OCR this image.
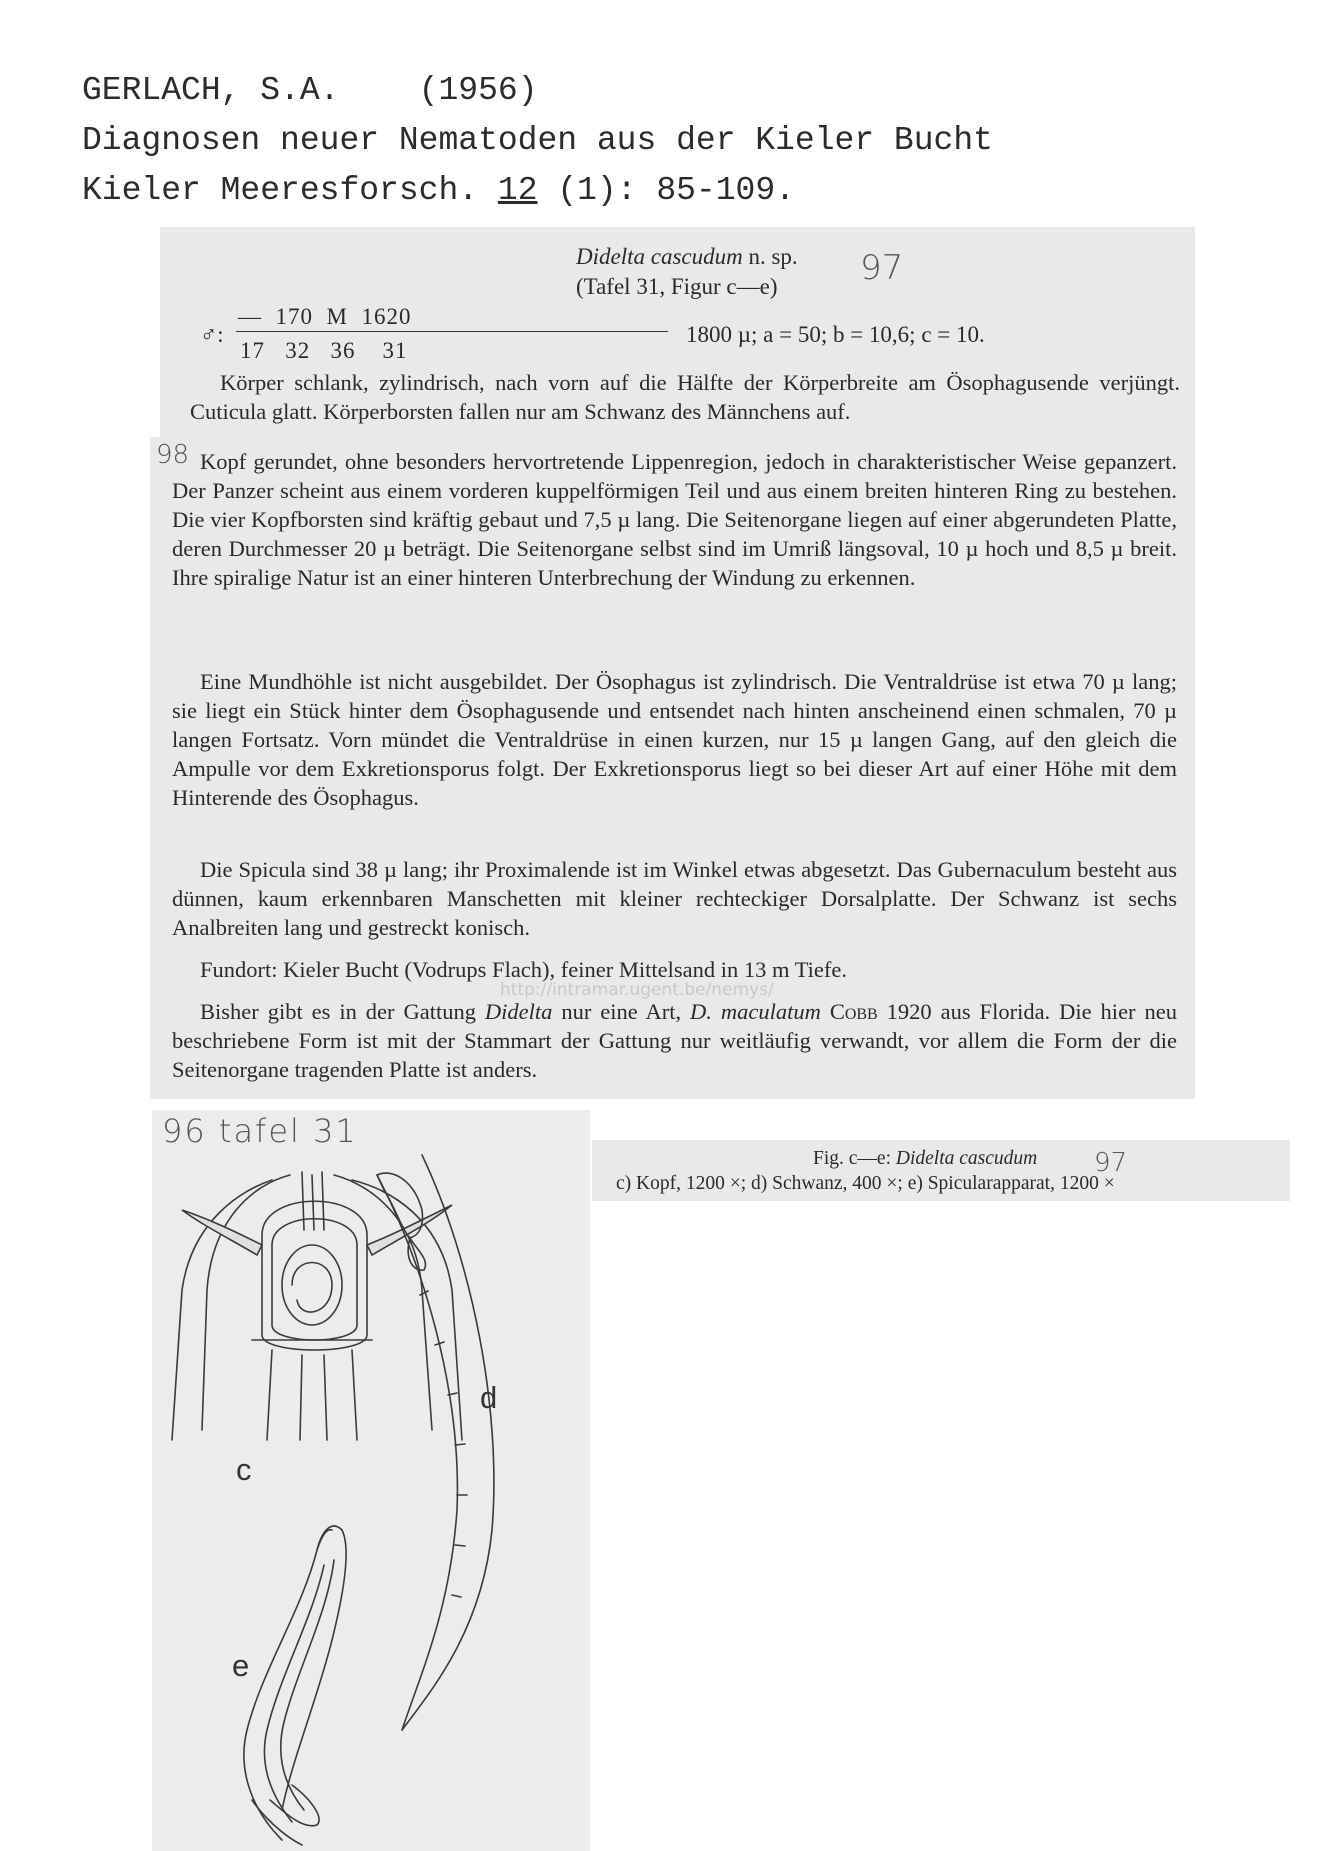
GERLACH, S.A. (1956)
Diagnosen neuer Nematoden aus der Kieler Bucht
Kieler Meeresforsch. 12 (1): 85-109.
Didelta cascudum n. sp.
(Tafel 31, Figur c—e)	97
♂:
—  170  M  1620
17   32   36    31
1800 µ; a = 50; b = 10,6; c = 10.
Körper schlank, zylindrisch, nach vorn auf die Hälfte der Körperbreite am Ösophagusende verjüngt. Cuticula glatt. Körperborsten fallen nur am Schwanz des Männchens auf.
98 Kopf gerundet, ohne besonders hervortretende Lippenregion, jedoch in charakteristischer Weise gepanzert. Der Panzer scheint aus einem vorderen kuppelförmigen Teil und aus einem breiten hinteren Ring zu bestehen. Die vier Kopfborsten sind kräftig gebaut und 7,5 µ lang. Die Seitenorgane liegen auf einer abgerundeten Platte, deren Durchmesser 20 µ beträgt. Die Seitenorgane selbst sind im Umriß längsoval, 10 µ hoch und 8,5 µ breit. Ihre spiralige Natur ist an einer hinteren Unterbrechung der Windung zu erkennen.
Eine Mundhöhle ist nicht ausgebildet. Der Ösophagus ist zylindrisch. Die Ventraldrüse ist etwa 70 µ lang; sie liegt ein Stück hinter dem Ösophagusende und entsendet nach hinten anscheinend einen schmalen, 70 µ langen Fortsatz. Vorn mündet die Ventraldrüse in einen kurzen, nur 15 µ langen Gang, auf den gleich die Ampulle vor dem Exkretionsporus folgt. Der Exkretionsporus liegt so bei dieser Art auf einer Höhe mit dem Hinterende des Ösophagus.
Die Spicula sind 38 µ lang; ihr Proximalende ist im Winkel etwas abgesetzt. Das Gubernaculum besteht aus dünnen, kaum erkennbaren Manschetten mit kleiner rechteckiger Dorsalplatte. Der Schwanz ist sechs Analbreiten lang und gestreckt konisch.
Fundort: Kieler Bucht (Vodrups Flach), feiner Mittelsand in 13 m Tiefe.
http://intramar.ugent.be/nemys/
Bisher gibt es in der Gattung Didelta nur eine Art, D. maculatum Cobb 1920 aus Florida. Die hier neu beschriebene Form ist mit der Stammart der Gattung nur weitläufig verwandt, vor allem die Form der die Seitenorgane tragenden Platte ist anders.
Fig. c—e: Didelta cascudum 97
c) Kopf, 1200 ×; d) Schwanz, 400 ×; e) Spicularapparat, 1200 ×
96 tafel 31
c
d
e
